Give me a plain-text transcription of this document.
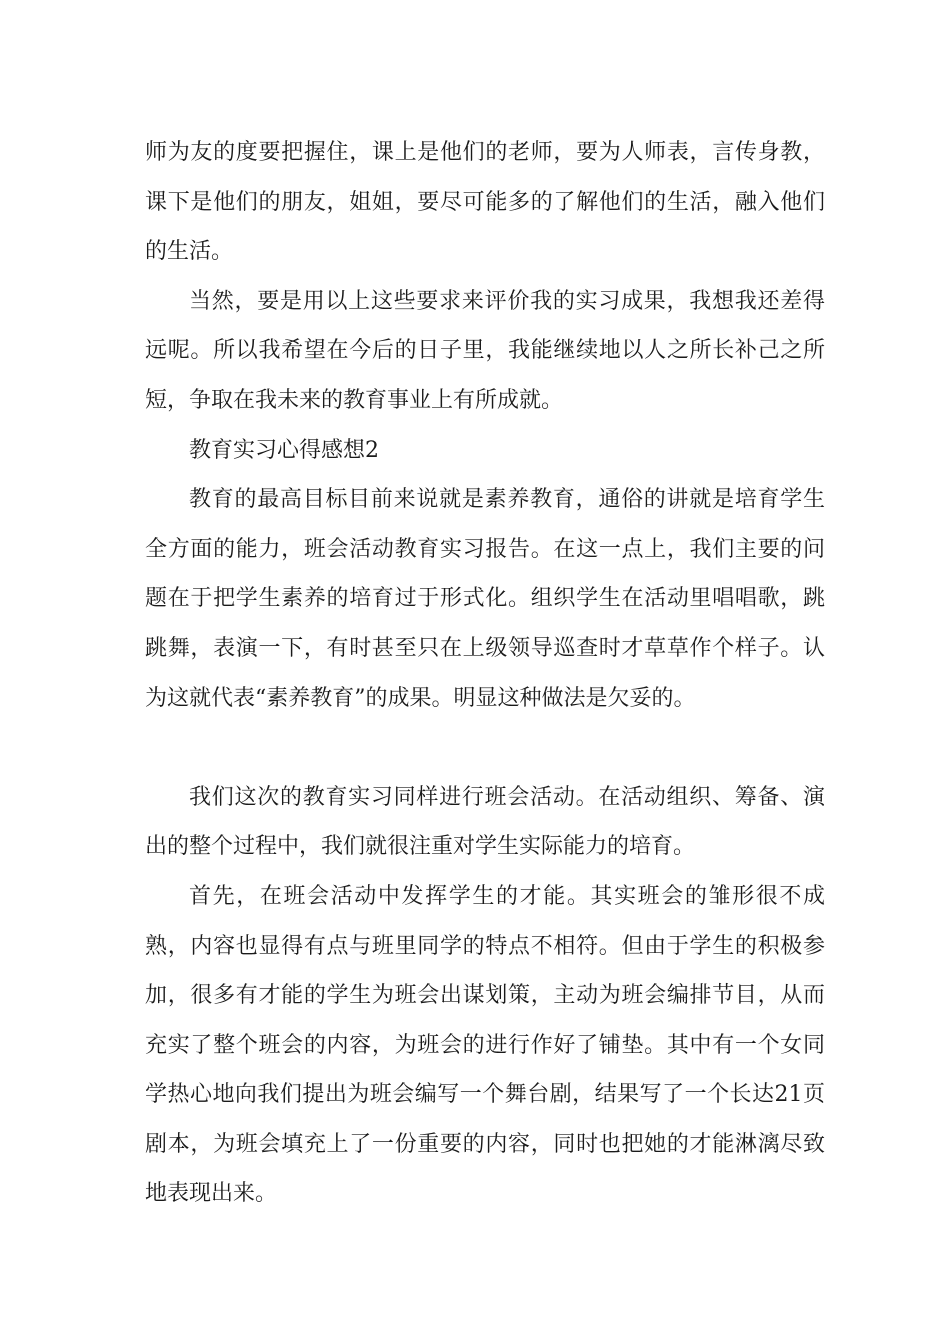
师为友的度要把握住，课上是他们的老师，要为人师表，言传身教，课下是他们的朋友，姐姐，要尽可能多的了解他们的生活，融入他们的生活。

当然，要是用以上这些要求来评价我的实习成果，我想我还差得远呢。所以我希望在今后的日子里，我能继续地以人之所长补己之所短，争取在我未来的教育事业上有所成就。

教育实习心得感想2

教育的最高目标目前来说就是素养教育，通俗的讲就是培育学生全方面的能力，班会活动教育实习报告。在这一点上，我们主要的问题在于把学生素养的培育过于形式化。组织学生在活动里唱唱歌，跳跳舞，表演一下，有时甚至只在上级领导巡查时才草草作个样子。认为这就代表“素养教育”的成果。明显这种做法是欠妥的。

我们这次的教育实习同样进行班会活动。在活动组织、筹备、演出的整个过程中，我们就很注重对学生实际能力的培育。

首先，在班会活动中发挥学生的才能。其实班会的雏形很不成熟，内容也显得有点与班里同学的特点不相符。但由于学生的积极参加，很多有才能的学生为班会出谋划策，主动为班会编排节目，从而充实了整个班会的内容，为班会的进行作好了铺垫。其中有一个女同学热心地向我们提出为班会编写一个舞台剧，结果写了一个长达21页剧本，为班会填充上了一份重要的内容，同时也把她的才能淋漓尽致地表现出来。
